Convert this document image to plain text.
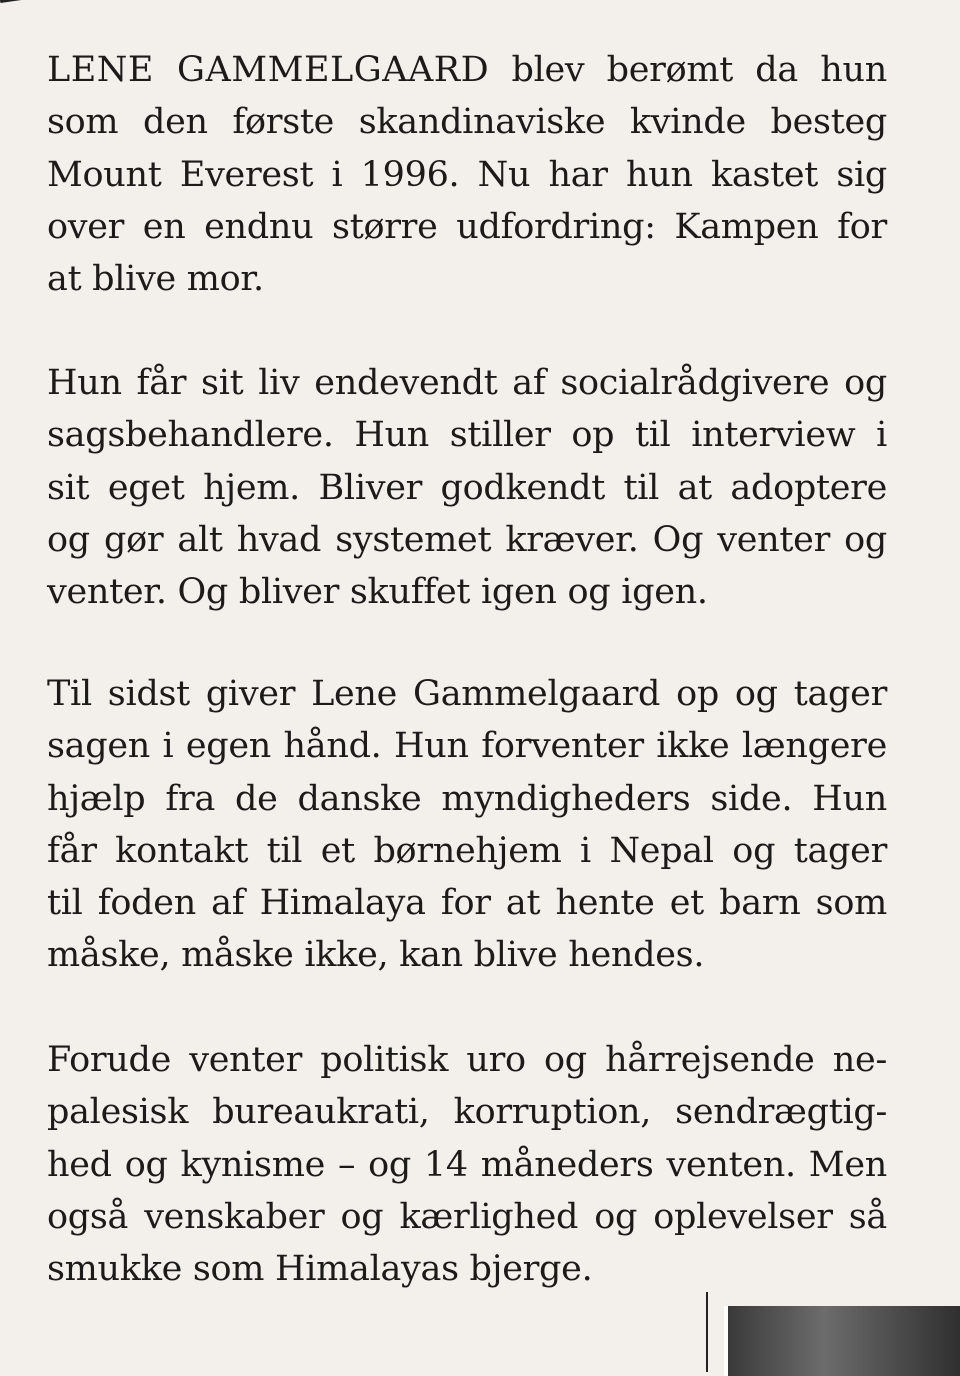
LENE GAMMELGAARD blev berømt da hun
som den første skandinaviske kvinde besteg
Mount Everest i 1996. Nu har hun kastet sig
over en endnu større udfordring: Kampen for
at blive mor.
Hun får sit liv endevendt af socialrådgivere og
sagsbehandlere. Hun stiller op til interview i
sit eget hjem. Bliver godkendt til at adoptere
og gør alt hvad systemet kræver. Og venter og
venter. Og bliver skuffet igen og igen.
Til sidst giver Lene Gammelgaard op og tager
sagen i egen hånd. Hun forventer ikke længere
hjælp fra de danske myndigheders side. Hun
får kontakt til et børnehjem i Nepal og tager
til foden af Himalaya for at hente et barn som
måske, måske ikke, kan blive hendes.
Forude venter politisk uro og hårrejsende ne-
palesisk bureaukrati, korruption, sendrægtig-
hed og kynisme – og 14 måneders venten. Men
også venskaber og kærlighed og oplevelser så
smukke som Himalayas bjerge.
